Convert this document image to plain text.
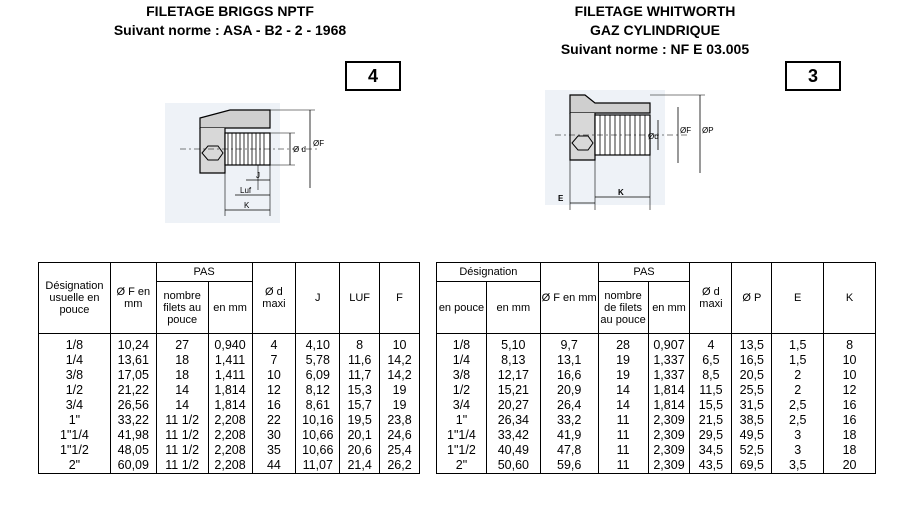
FILETAGE BRIGGS NPTF
Suivant norme : ASA - B2 - 2 - 1968
4
FILETAGE WHITWORTH
GAZ CYLINDRIQUE
Suivant norme : NF E 03.005
3
Ø d
ØF
J
Luf
K
Ød
ØF ØP
E
K
Désignation usuelle en pouce	Ø F en mm	PAS		Ø d maxi	J	LUF	F
		nombre filets au pouce	en mm				
1/8	10,24	27	0,940	4	4,10	8	10
1/4	13,61	18	1,411	7	5,78	11,6	14,2
3/8	17,05	18	1,411	10	6,09	11,7	14,2
1/2	21,22	14	1,814	12	8,12	15,3	19
3/4	26,56	14	1,814	16	8,61	15,7	19
1"	33,22	11 1/2	2,208	22	10,16	19,5	23,8
1"1/4	41,98	11 1/2	2,208	30	10,66	20,1	24,6
1"1/2	48,05	11 1/2	2,208	35	10,66	20,6	25,4
2"	60,09	11 1/2	2,208	44	11,07	21,4	26,2
Désignation		Ø F en mm	PAS		Ø d maxi	Ø P	E	K
en pouce	en mm		nombre de filets au pouce	en mm				
1/8	5,10	9,7	28	0,907	4	13,5	1,5	8
1/4	8,13	13,1	19	1,337	6,5	16,5	1,5	10
3/8	12,17	16,6	19	1,337	8,5	20,5	2	10
1/2	15,21	20,9	14	1,814	11,5	25,5	2	12
3/4	20,27	26,4	14	1,814	15,5	31,5	2,5	16
1"	26,34	33,2	11	2,309	21,5	38,5	2,5	16
1"1/4	33,42	41,9	11	2,309	29,5	49,5	3	18
1"1/2	40,49	47,8	11	2,309	34,5	52,5	3	18
2"	50,60	59,6	11	2,309	43,5	69,5	3,5	20
